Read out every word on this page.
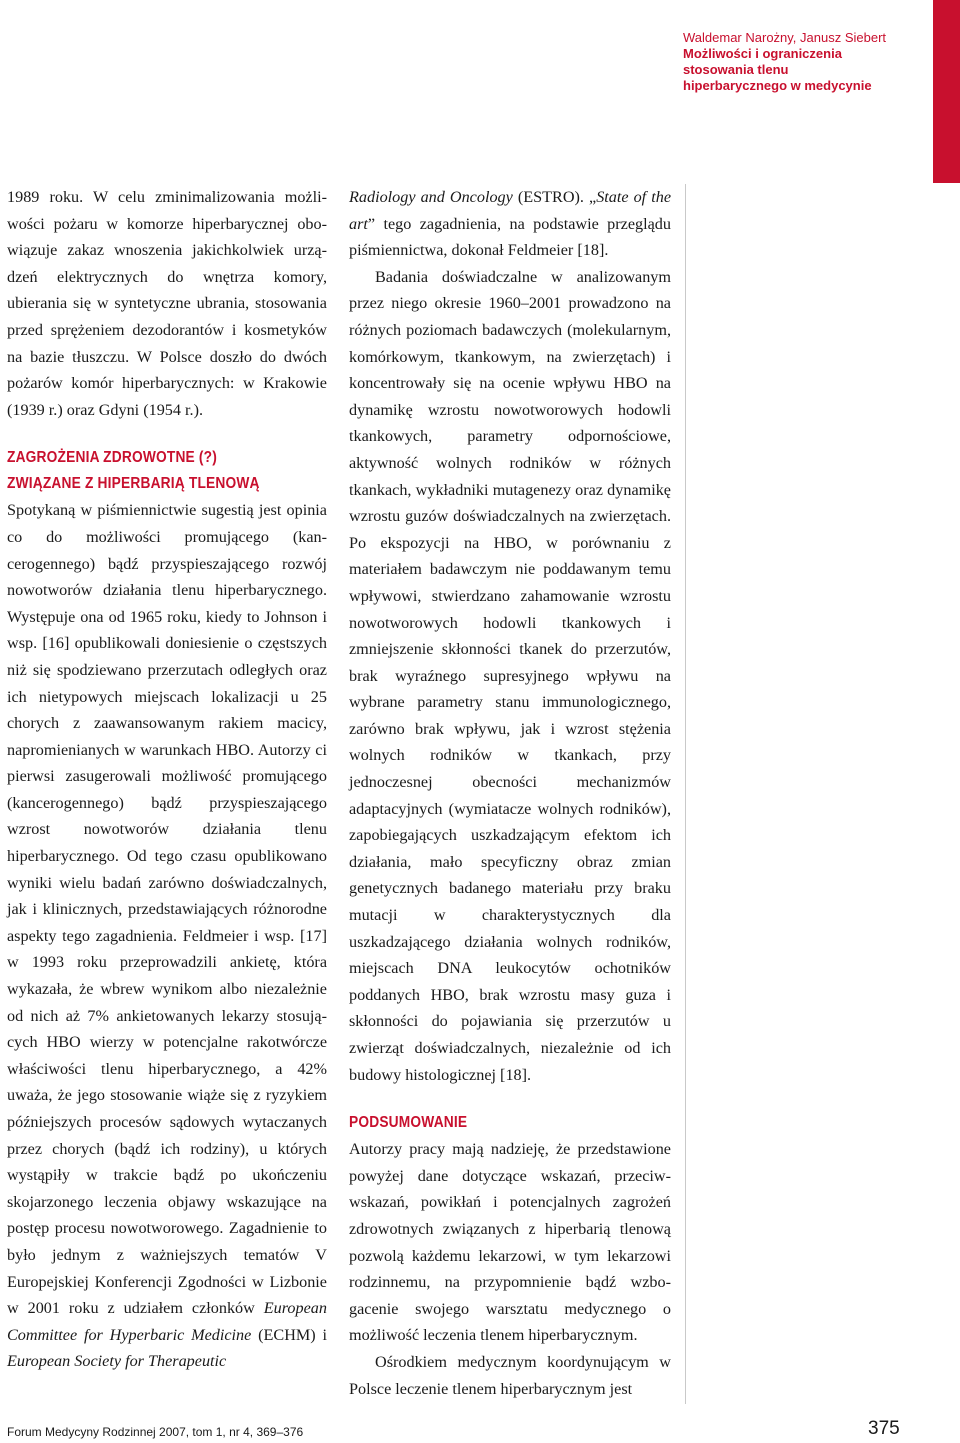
Waldemar Narożny, Janusz Siebert
Możliwości i ograniczenia
stosowania tlenu
hiperbarycznego w medycynie

1989 roku. W celu zminimalizowania możliwości pożaru w komorze hiperbarycznej obowiązuje zakaz wnoszenia jakichkolwiek urządzeń elektrycznych do wnętrza komory, ubierania się w syntetyczne ubrania, stosowania przed sprężeniem dezodorantów i kosmetyków na bazie tłuszczu. W Polsce doszło do dwóch pożarów komór hiperbarycznych: w Krakowie (1939 r.) oraz Gdyni (1954 r.).

ZAGROŻENIA ZDROWOTNE (?)
ZWIĄZANE Z HIPERBARIĄ TLENOWĄ

Spotykaną w piśmiennictwie sugestią jest opinia co do możliwości promującego (kancerogennego) bądź przyspieszającego rozwój nowotworów działania tlenu hiperbarycznego. Występuje ona od 1965 roku, kiedy to Johnson i wsp. [16] opublikowali doniesienie o częstszych niż się spodziewano przerzutach odległych oraz ich nietypowych miejscach lokalizacji u 25 chorych z zaawansowanym rakiem macicy, napromienianych w warunkach HBO. Autorzy ci pierwsi zasugerowali możliwość promującego (kancerogennego) bądź przyspieszającego wzrost nowotworów działania tlenu hiperbarycznego. Od tego czasu opublikowano wyniki wielu badań zarówno doświadczalnych, jak i klinicznych, przedstawiających różnorodne aspekty tego zagadnienia. Feldmeier i wsp. [17] w 1993 roku przeprowadzili ankietę, która wykazała, że wbrew wynikom albo niezależnie od nich aż 7% ankietowanych lekarzy stosujących HBO wierzy w potencjalne rakotwórcze właściwości tlenu hiperbarycznego, a 42% uważa, że jego stosowanie wiąże się z ryzykiem późniejszych procesów sądowych wytaczanych przez chorych (bądź ich rodziny), u których wystąpiły w trakcie bądź po ukończeniu skojarzonego leczenia objawy wskazujące na postęp procesu nowotworowego. Zagadnienie to było jednym z ważniejszych tematów V Europejskiej Konferencji Zgodności w Lizbonie w 2001 roku z udziałem członków European Committee for Hyperbaric Medicine (ECHM) i European Society for Therapeutic

Radiology and Oncology (ESTRO). „State of the art” tego zagadnienia, na podstawie przeglądu piśmiennictwa, dokonał Feldmeier [18].

Badania doświadczalne w analizowanym przez niego okresie 1960–2001 prowadzono na różnych poziomach badawczych (molekularnym, komórkowym, tkankowym, na zwierzętach) i koncentrowały się na ocenie wpływu HBO na dynamikę wzrostu nowotworowych hodowli tkankowych, parametry odpornościowe, aktywność wolnych rodników w różnych tkankach, wykładniki mutagenezy oraz dynamikę wzrostu guzów doświadczalnych na zwierzętach. Po ekspozycji na HBO, w porównaniu z materiałem badawczym nie poddawanym temu wpływowi, stwierdzano zahamowanie wzrostu nowotworowych hodowli tkankowych i zmniejszenie skłonności tkanek do przerzutów, brak wyraźnego supresyjnego wpływu na wybrane parametry stanu immunologicznego, zarówno brak wpływu, jak i wzrost stężenia wolnych rodników w tkankach, przy jednoczesnej obecności mechanizmów adaptacyjnych (wymiatacze wolnych rodników), zapobiegających uszkadzającym efektom ich działania, mało specyficzny obraz zmian genetycznych badanego materiału przy braku mutacji w charakterystycznych dla uszkadzającego działania wolnych rodników, miejscach DNA leukocytów ochotników poddanych HBO, brak wzrostu masy guza i skłonności do pojawiania się przerzutów u zwierząt doświadczalnych, niezależnie od ich budowy histologicznej [18].

PODSUMOWANIE

Autorzy pracy mają nadzieję, że przedstawione powyżej dane dotyczące wskazań, przeciwwskazań, powikłań i potencjalnych zagrożeń zdrowotnych związanych z hiperbarią tlenową pozwolą każdemu lekarzowi, w tym lekarzowi rodzinnemu, na przypomnienie bądź wzbogacenie swojego warsztatu medycznego o możliwość leczenia tlenem hiperbarycznym.

Ośrodkiem medycznym koordynującym w Polsce leczenie tlenem hiperbarycznym jest

Forum Medycyny Rodzinnej 2007, tom 1, nr 4, 369–376	375
